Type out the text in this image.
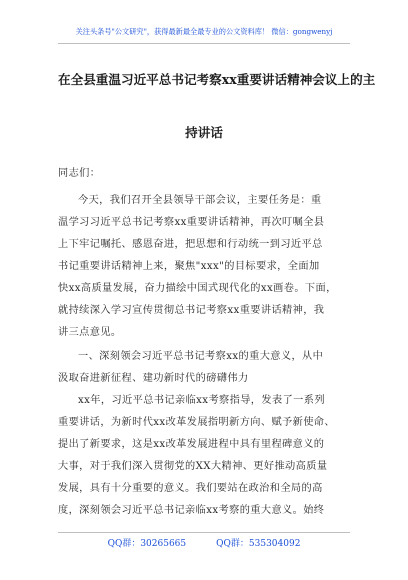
关注头条号"公文研究"，获得最新最全最专业的公文资料库！ 微信：gongwenyj
在全县重温习近平总书记考察xx重要讲话精神会议上的主
持讲话
同志们：
今天，我们召开全县领导干部会议，主要任务是：重
温学习习近平总书记考察xx重要讲话精神，再次叮嘱全县
上下牢记嘱托、感恩奋进，把思想和行动统一到习近平总
书记重要讲话精神上来，聚焦"xxx"的目标要求，全面加
快xx高质量发展，奋力描绘中国式现代化的xx画卷。下面，
就持续深入学习宣传贯彻总书记考察xx重要讲话精神，我
讲三点意见。
一、深刻领会习近平总书记考察xx的重大意义，从中
汲取奋进新征程、建功新时代的磅礴伟力
xx年，习近平总书记亲临xx考察指导，发表了一系列
重要讲话，为新时代xx改革发展指明新方向、赋予新使命、
提出了新要求，这是xx改革发展进程中具有里程碑意义的
大事，对于我们深入贯彻党的XX大精神、更好推动高质量
发展，具有十分重要的意义。我们要站在政治和全局的高
度，深刻领会习近平总书记亲临xx考察的重大意义。始终
QQ群：30265665	QQ群：535304092
